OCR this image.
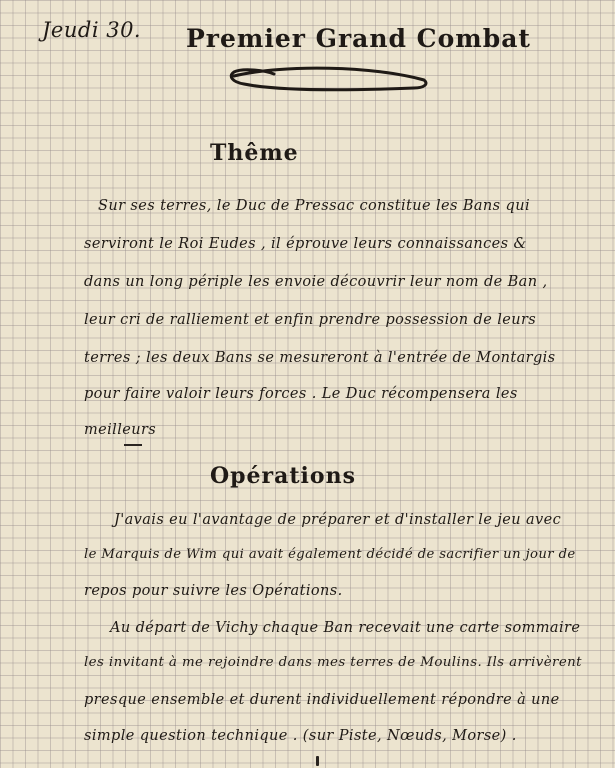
Jeudi 30. Premier Grand Combat
Thême
Sur ses terres, le Duc de Pressac constitue les Bans qui
serviront le Roi Eudes , il éprouve leurs connaissances &
dans un long périple les envoie découvrir leur nom de Ban ,
leur cri de ralliement et enfin prendre possession de leurs
terres ; les deux Bans se mesureront à l'entrée de Montargis
pour faire valoir leurs forces . Le Duc récompensera les
meilleurs
Opérations
J'avais eu l'avantage de préparer et d'installer le jeu avec
le Marquis de Wim qui avait également décidé de sacrifier un jour de
repos pour suivre les Opérations.
Au départ de Vichy chaque Ban recevait une carte sommaire
les invitant à me rejoindre dans mes terres de Moulins. Ils arrivèrent
presque ensemble et durent individuellement répondre à une
simple question technique . (sur Piste, Nœuds, Morse) .
